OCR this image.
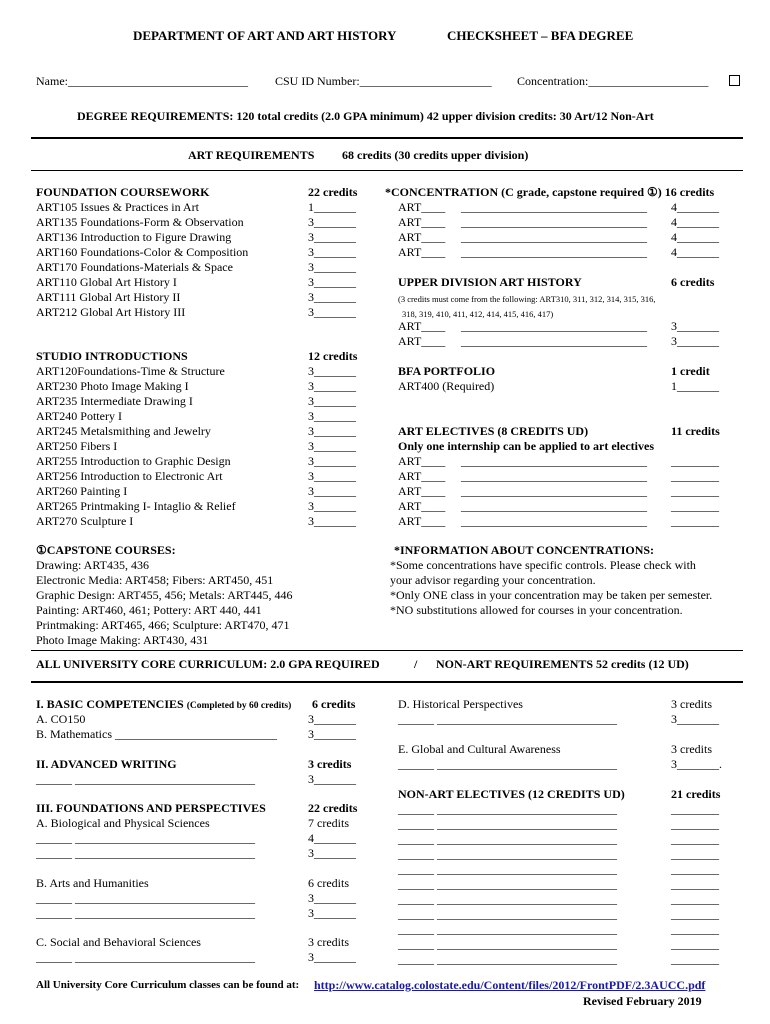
DEPARTMENT OF ART AND ART HISTORY	CHECKSHEET – BFA DEGREE
Name:______________________________ CSU ID Number:______________________ Concentration:____________________
DEGREE REQUIREMENTS: 120 total credits (2.0 GPA minimum) 42 upper division credits: 30 Art/12 Non-Art
ART REQUIREMENTS 68 credits (30 credits upper division)
FOUNDATION COURSEWORK	22 credits
ART105 Issues & Practices in Art	1_______
ART135 Foundations-Form & Observation	3_______
ART136 Introduction to Figure Drawing	3_______
ART160 Foundations-Color & Composition	3_______
ART170 Foundations-Materials & Space	3_______
ART110 Global Art History I	3_______
ART111 Global Art History II	3_______
ART212 Global Art History III	3_______
*CONCENTRATION (C grade, capstone required ①) 16 credits
ART____ _______________________________ 4_______
ART____ _______________________________ 4_______
ART____ _______________________________ 4_______
ART____ _______________________________ 4_______
UPPER DIVISION ART HISTORY	6 credits
(3 credits must come from the following: ART310, 311, 312, 314, 315, 316,
318, 319, 410, 411, 412, 414, 415, 416, 417)
ART____ _______________________________ 3_______
ART____ _______________________________ 3_______
STUDIO INTRODUCTIONS	12 credits
ART120Foundations-Time & Structure	3_______
ART230 Photo Image Making I	3_______
ART235 Intermediate Drawing I	3_______
ART240 Pottery I	3_______
ART245 Metalsmithing and Jewelry	3_______
ART250 Fibers I	3_______
ART255 Introduction to Graphic Design	3_______
ART256 Introduction to Electronic Art	3_______
ART260 Painting I	3_______
ART265 Printmaking I- Intaglio & Relief	3_______
ART270 Sculpture I	3_______
BFA PORTFOLIO	1 credit
ART400 (Required)	1_______
ART ELECTIVES (8 CREDITS UD)	11 credits
Only one internship can be applied to art electives
ART____ _______________________________ ________
ART____ _______________________________ ________
ART____ _______________________________ ________
ART____ _______________________________ ________
ART____ _______________________________ ________
①CAPSTONE COURSES:
Drawing: ART435, 436
Electronic Media: ART458; Fibers: ART450, 451
Graphic Design: ART455, 456; Metals: ART445, 446
Painting: ART460, 461; Pottery: ART 440, 441
Printmaking: ART465, 466; Sculpture: ART470, 471
Photo Image Making: ART430, 431
*INFORMATION ABOUT CONCENTRATIONS:
*Some concentrations have specific controls. Please check with
your advisor regarding your concentration.
*Only ONE class in your concentration may be taken per semester.
*NO substitutions allowed for courses in your concentration.
ALL UNIVERSITY CORE CURRICULUM: 2.0 GPA REQUIRED	/ NON-ART REQUIREMENTS 52 credits (12 UD)
I. BASIC COMPETENCIES (Completed by 60 credits) 6 credits
A. CO150	3_______
B. Mathematics ___________________________	3_______
II. ADVANCED WRITING	3 credits
______ ______________________________	3_______
III. FOUNDATIONS AND PERSPECTIVES	22 credits
A. Biological and Physical Sciences	7 credits
______ ______________________________	4_______
______ ______________________________	3_______
B. Arts and Humanities	6 credits
______ ______________________________	3_______
______ ______________________________	3_______
C. Social and Behavioral Sciences	3 credits
______ ______________________________	3_______
D. Historical Perspectives	3 credits
______ ______________________________	3_______
E. Global and Cultural Awareness	3 credits
______ ______________________________	3_______.
NON-ART ELECTIVES (12 CREDITS UD)	21 credits
______ ______________________________	________
______ ______________________________	________
______ ______________________________	________
______ ______________________________	________
______ ______________________________	________
______ ______________________________	________
______ ______________________________	________
______ ______________________________	________
______ ______________________________	________
______ ______________________________	________
______ ______________________________	________
All University Core Curriculum classes can be found at: http://www.catalog.colostate.edu/Content/files/2012/FrontPDF/2.3AUCC.pdf
Revised February 2019
